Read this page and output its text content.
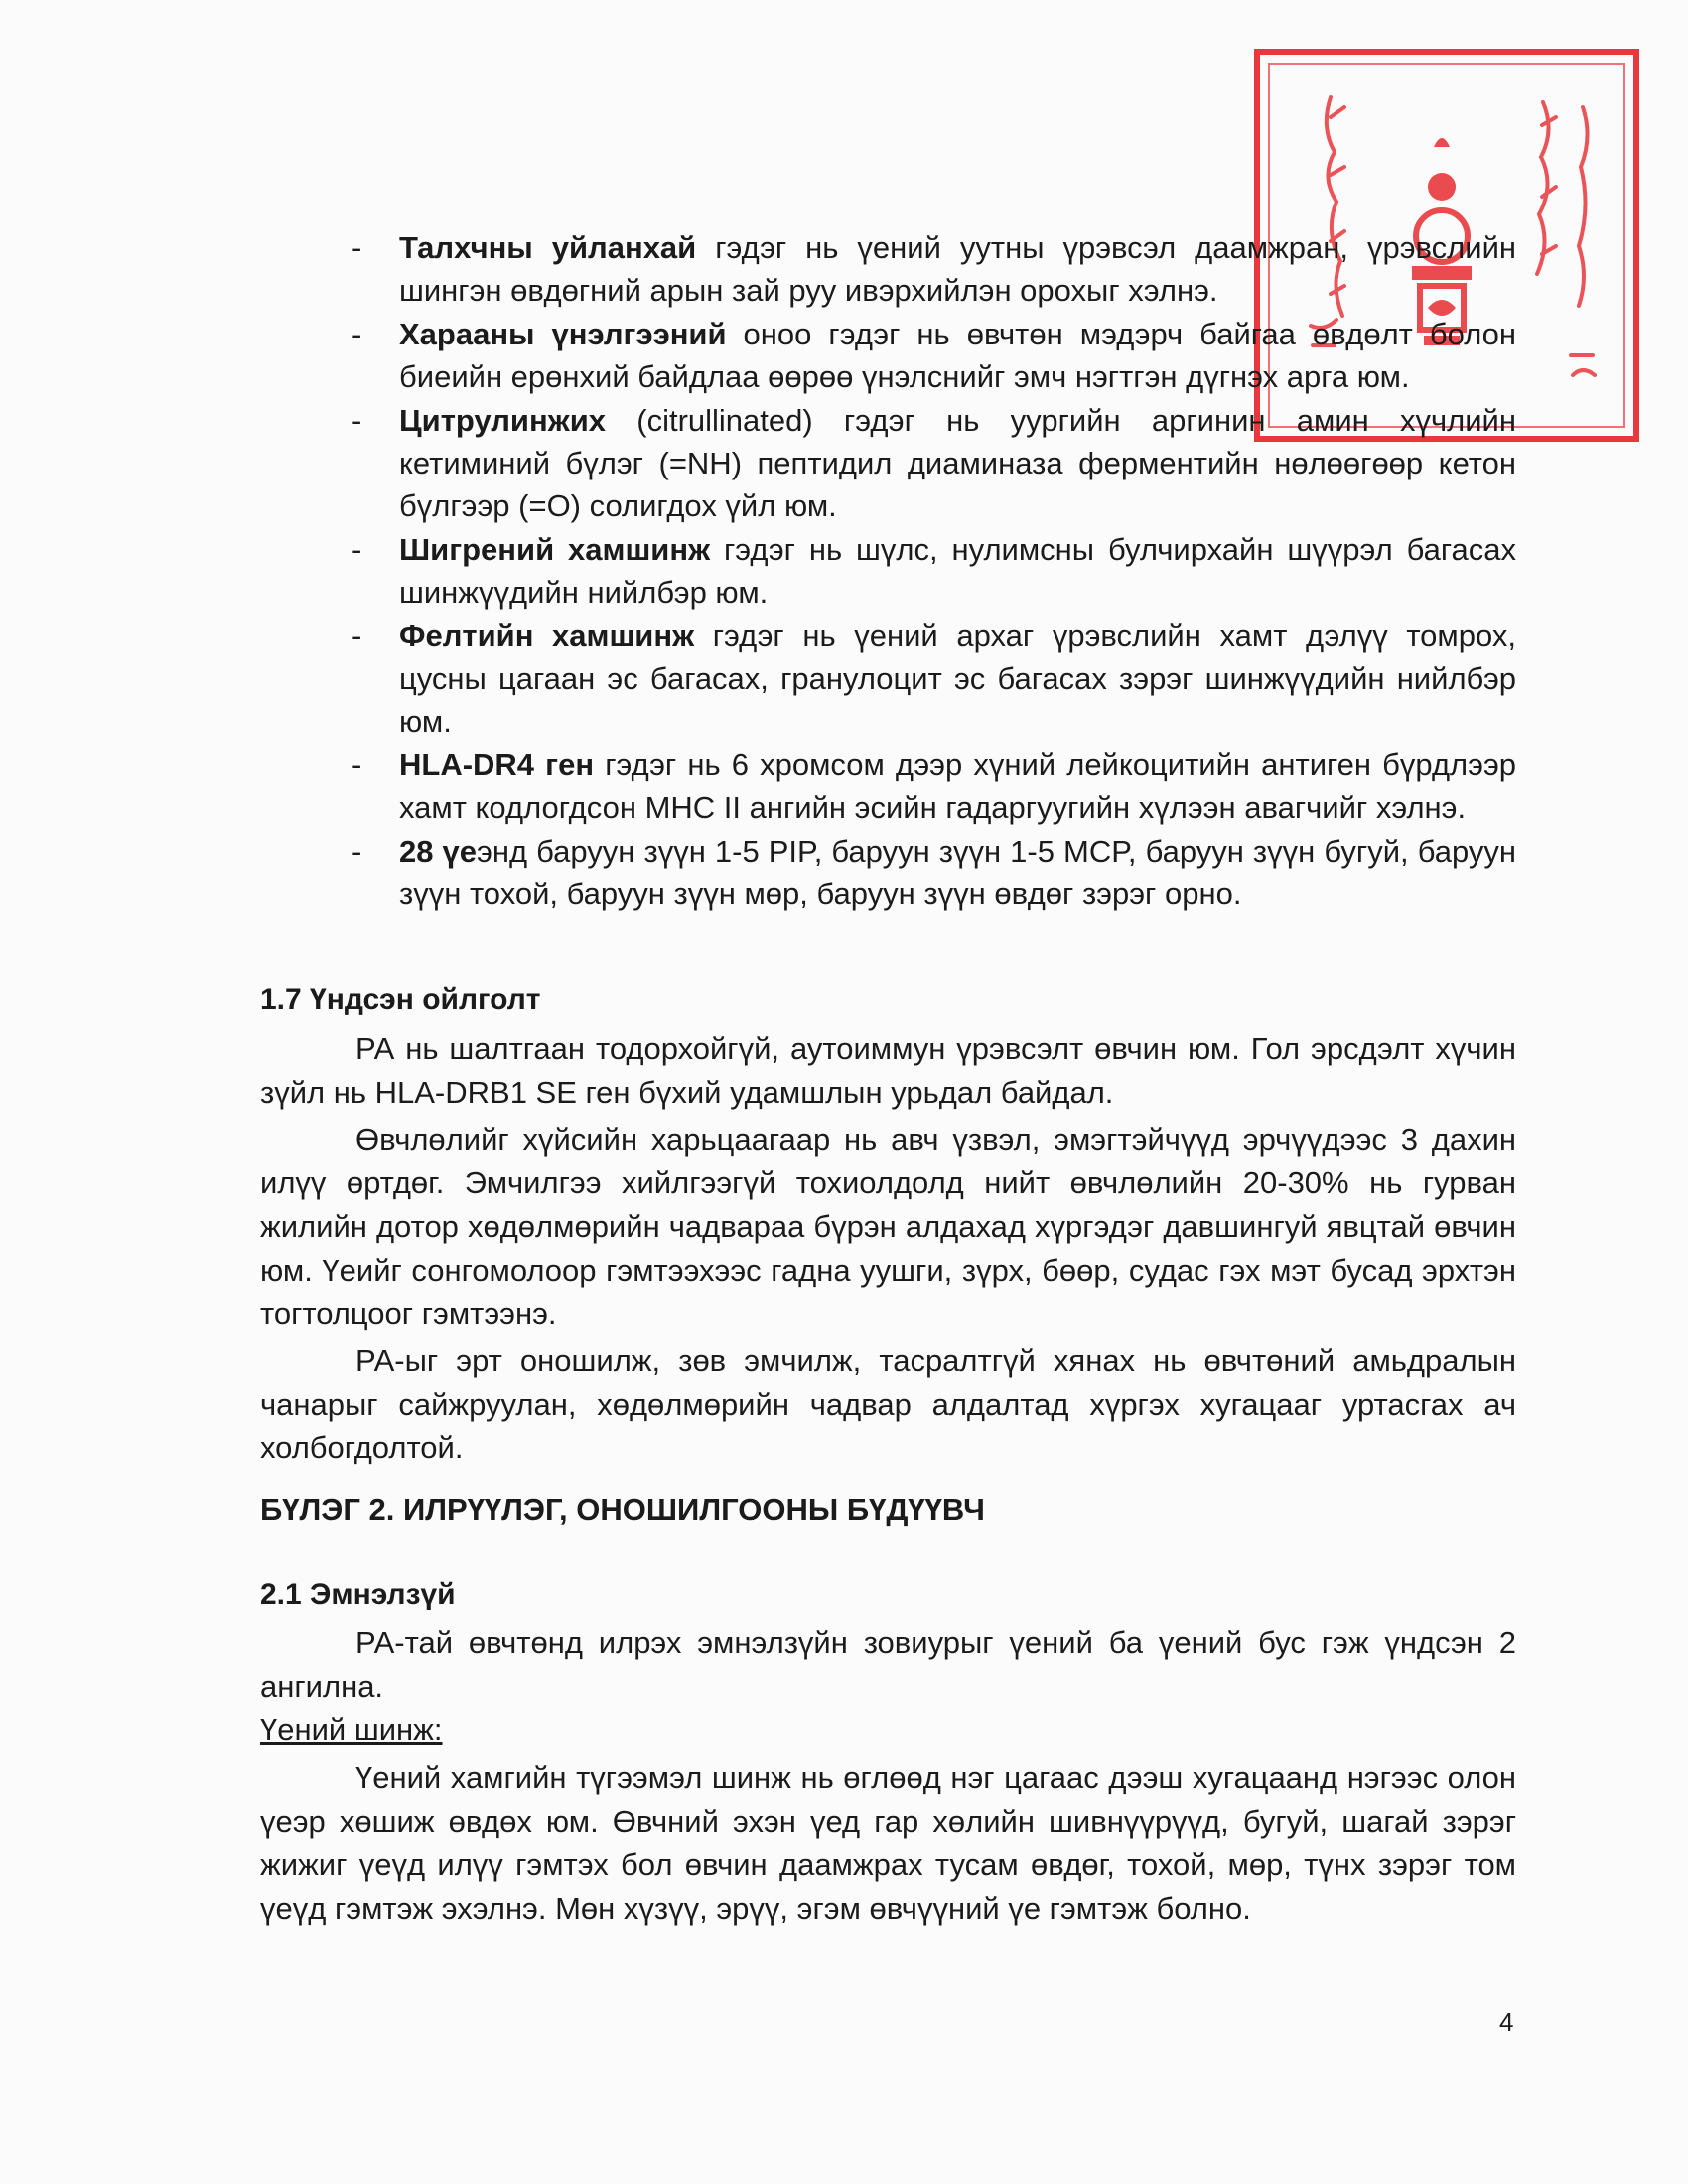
- Талхчны уйланхай гэдэг нь үений уутны үрэвсэл даамжран, үрэвслийн шингэн өвдөгний арын зай руу ивэрхийлэн орохыг хэлнэ.

- Харааны үнэлгээний оноо гэдэг нь өвчтөн мэдэрч байгаа өвдөлт болон биеийн ерөнхий байдлаа өөрөө үнэлснийг эмч нэгтгэн дүгнэх арга юм.

- Цитрулинжих (citrullinated) гэдэг нь уургийн аргинин амин хүчлийн кетиминий бүлэг (=NH) пептидил диаминаза ферментийн нөлөөгөөр кетон бүлгээр (=O) солигдох үйл юм.

- Шигрений хамшинж гэдэг нь шүлс, нулимсны булчирхайн шүүрэл багасах шинжүүдийн нийлбэр юм.

- Фелтийн хамшинж гэдэг нь үений архаг үрэвслийн хамт дэлүү томрох, цусны цагаан эс багасах, гранулоцит эс багасах зэрэг шинжүүдийн нийлбэр юм.

- HLA-DR4 ген гэдэг нь 6 хромсом дээр хүний лейкоцитийн антиген бүрдлээр хамт кодлогдсон MHC II ангийн эсийн гадаргуугийн хүлээн авагчийг хэлнэ.

- 28 үеэнд баруун зүүн 1-5 PIP, баруун зүүн 1-5 MCP, баруун зүүн бугуй, баруун зүүн тохой, баруун зүүн мөр, баруун зүүн өвдөг зэрэг орно.

1.7 Үндсэн ойлголт

РА нь шалтгаан тодорхойгүй, аутоиммун үрэвсэлт өвчин юм. Гол эрсдэлт хүчин зүйл нь HLA-DRB1 SE ген бүхий удамшлын урьдал байдал.

Өвчлөлийг хүйсийн харьцаагаар нь авч үзвэл, эмэгтэйчүүд эрчүүдээс 3 дахин илүү өртдөг. Эмчилгээ хийлгээгүй тохиолдолд нийт өвчлөлийн 20-30% нь гурван жилийн дотор хөдөлмөрийн чадвараа бүрэн алдахад хүргэдэг давшингуй явцтай өвчин юм. Үеийг сонгомолоор гэмтээхээс гадна уушги, зүрх, бөөр, судас гэх мэт бусад эрхтэн тогтолцоог гэмтээнэ.

РА-ыг эрт оношилж, зөв эмчилж, тасралтгүй хянах нь өвчтөний амьдралын чанарыг сайжруулан, хөдөлмөрийн чадвар алдалтад хүргэх хугацааг уртасгах ач холбогдолтой.

БҮЛЭГ 2. ИЛРҮҮЛЭГ, ОНОШИЛГООНЫ БҮДҮҮВЧ

2.1 Эмнэлзүй

РА-тай өвчтөнд илрэх эмнэлзүйн зовиурыг үений ба үений бус гэж үндсэн 2 ангилна.

Үений шинж:

Үений хамгийн түгээмэл шинж нь өглөөд нэг цагаас дээш хугацаанд нэгээс олон үеэр хөшиж өвдөх юм. Өвчний эхэн үед гар хөлийн шивнүүрүүд, бугуй, шагай зэрэг жижиг үеүд илүү гэмтэх бол өвчин даамжрах тусам өвдөг, тохой, мөр, түнх зэрэг том үеүд гэмтэж эхэлнэ. Мөн хүзүү, эрүү, эгэм өвчүүний үе гэмтэж болно.

4
